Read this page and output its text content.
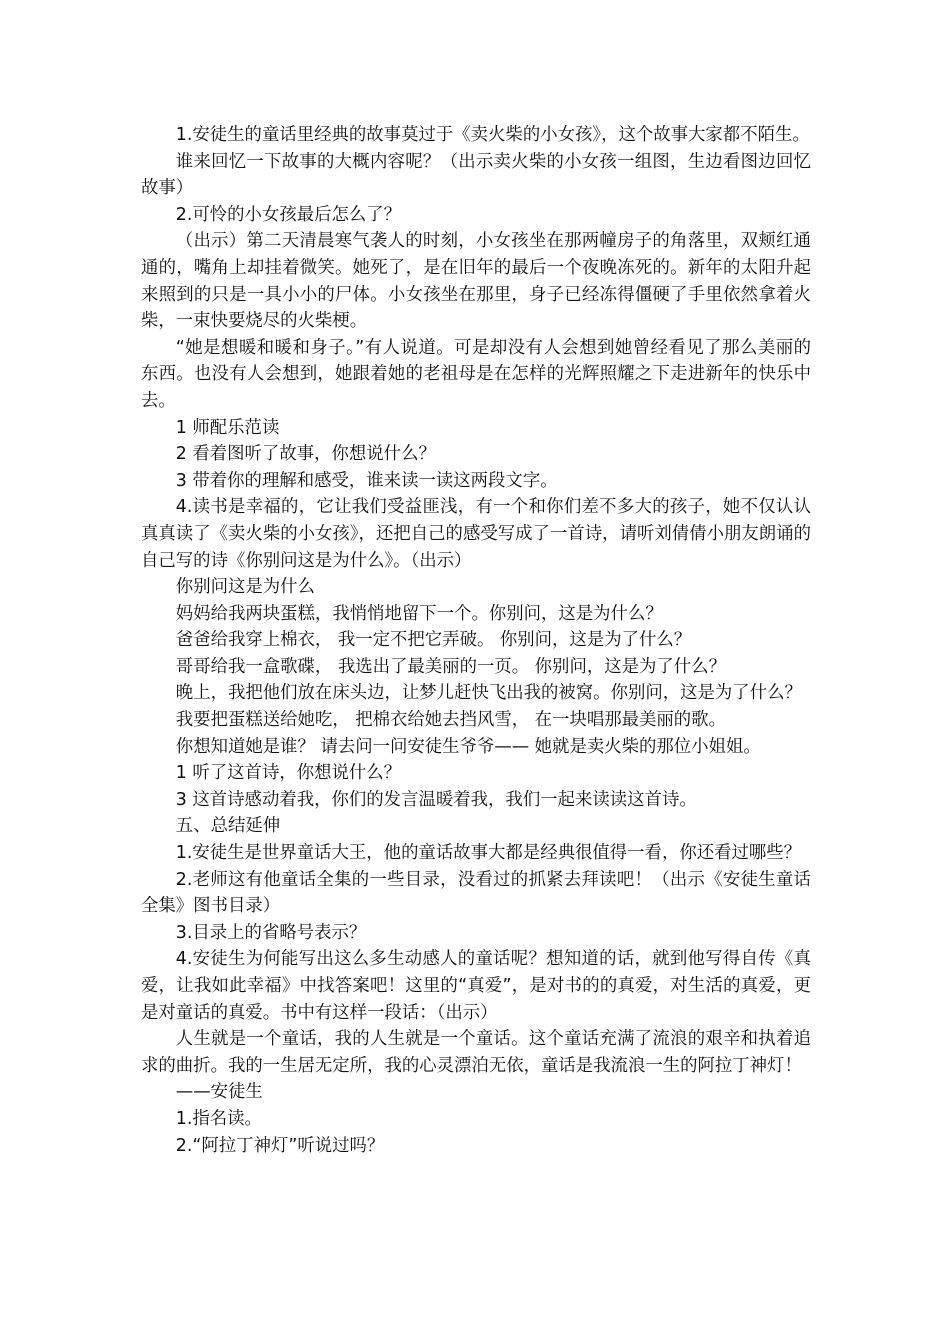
1.安徒生的童话里经典的故事莫过于《卖火柴的小女孩》，这个故事大家都不陌生。

谁来回忆一下故事的大概内容呢？（出示卖火柴的小女孩一组图，生边看图边回忆故事）

2.可怜的小女孩最后怎么了？

（出示）第二天清晨寒气袭人的时刻，小女孩坐在那两幢房子的角落里，双颊红通通的，嘴角上却挂着微笑。她死了，是在旧年的最后一个夜晚冻死的。新年的太阳升起来照到的只是一具小小的尸体。小女孩坐在那里，身子已经冻得僵硬了手里依然拿着火柴，一束快要烧尽的火柴梗。

“她是想暖和暖和身子。”有人说道。可是却没有人会想到她曾经看见了那么美丽的东西。也没有人会想到，她跟着她的老祖母是在怎样的光辉照耀之下走进新年的快乐中去。

1 师配乐范读

2 看着图听了故事，你想说什么？

3 带着你的理解和感受，谁来读一读这两段文字。

4.读书是幸福的，它让我们受益匪浅，有一个和你们差不多大的孩子，她不仅认认真真读了《卖火柴的小女孩》，还把自己的感受写成了一首诗，请听刘倩倩小朋友朗诵的自己写的诗《你别问这是为什么》。（出示）

你别问这是为什么

妈妈给我两块蛋糕，我悄悄地留下一个。你别问，这是为什么？

爸爸给我穿上棉衣， 我一定不把它弄破。 你别问，这是为了什么？

哥哥给我一盒歌碟， 我选出了最美丽的一页。 你别问，这是为了什么？

晚上，我把他们放在床头边，让梦儿赶快飞出我的被窝。你别问，这是为了什么？

我要把蛋糕送给她吃， 把棉衣给她去挡风雪， 在一块唱那最美丽的歌。

你想知道她是谁？ 请去问一问安徒生爷爷—— 她就是卖火柴的那位小姐姐。

1 听了这首诗，你想说什么？

3 这首诗感动着我，你们的发言温暖着我，我们一起来读读这首诗。

五、总结延伸

1.安徒生是世界童话大王，他的童话故事大都是经典很值得一看，你还看过哪些？

2.老师这有他童话全集的一些目录，没看过的抓紧去拜读吧！（出示《安徒生童话全集》图书目录）

3.目录上的省略号表示？

4.安徒生为何能写出这么多生动感人的童话呢？想知道的话，就到他写得自传《真爱，让我如此幸福》中找答案吧！这里的“真爱”，是对书的的真爱，对生活的真爱，更是对童话的真爱。书中有这样一段话：（出示）

人生就是一个童话，我的人生就是一个童话。这个童话充满了流浪的艰辛和执着追求的曲折。我的一生居无定所，我的心灵漂泊无依，童话是我流浪一生的阿拉丁神灯！

——安徒生

1.指名读。

2.“阿拉丁神灯”听说过吗？
